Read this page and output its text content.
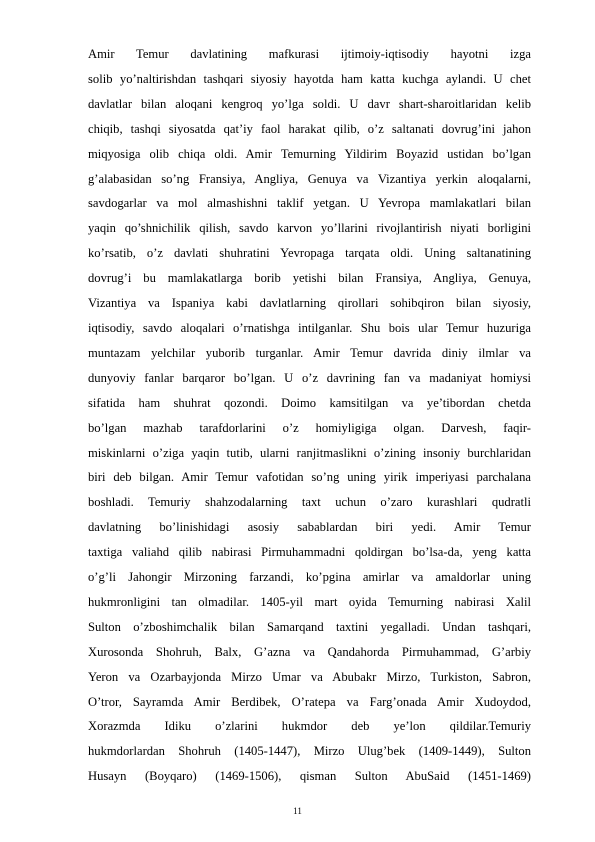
Amir Temur davlatining mafkurasi ijtimoiy-iqtisodiy hayotni izga

solib yo’naltirishdan tashqari siyosiy hayotda ham katta kuchga aylandi. U chet

davlatlar bilan aloqani kengroq yo’lga soldi. U davr shart-sharoitlaridan kelib

chiqib, tashqi siyosatda qat’iy faol harakat qilib, o’z saltanati dovrug’ini jahon

miqyosiga olib chiqa oldi. Amir Temurning Yildirim Boyazid ustidan bo’lgan

g’alabasidan so’ng Fransiya, Angliya, Genuya va Vizantiya yerkin aloqalarni,

savdogarlar va mol almashishni taklif yetgan. U Yevropa mamlakatlari bilan

yaqin qo’shnichilik qilish, savdo karvon yo’llarini rivojlantirish niyati borligini

ko’rsatib, o’z davlati shuhratini Yevropaga tarqata oldi. Uning saltanatining

dovrug’i bu mamlakatlarga borib yetishi bilan Fransiya, Angliya, Genuya,

Vizantiya va Ispaniya kabi davlatlarning qirollari sohibqiron bilan siyosiy,

iqtisodiy, savdo aloqalari o’rnatishga intilganlar. Shu bois ular Temur huzuriga

muntazam yelchilar yuborib turganlar. Amir Temur davrida diniy ilmlar va

dunyoviy fanlar barqaror bo’lgan. U o’z davrining fan va madaniyat homiysi

sifatida ham shuhrat qozondi. Doimo kamsitilgan va ye’tibordan chetda

bo’lgan mazhab tarafdorlarini o’z homiyligiga olgan. Darvesh, faqir-

miskinlarni o’ziga yaqin tutib, ularni ranjitmaslikni o’zining insoniy burchlaridan

biri deb bilgan. Amir Temur vafotidan so’ng uning yirik imperiyasi parchalana

boshladi. Temuriy shahzodalarning taxt uchun o’zaro kurashlari qudratli

davlatning bo’linishidagi asosiy sabablardan biri yedi. Amir Temur

taxtiga valiahd qilib nabirasi Pirmuhammadni qoldirgan bo’lsa-da, yeng katta

o’g’li Jahongir Mirzoning farzandi, ko’pgina amirlar va amaldorlar uning

hukmronligini tan olmadilar. 1405-yil mart oyida Temurning nabirasi Xalil

Sulton o’zboshimchalik bilan Samarqand taxtini yegalladi. Undan tashqari,

Xurosonda Shohruh, Balx, G’azna va Qandahorda Pirmuhammad, G’arbiy

Yeron va Ozarbayjonda Mirzo Umar va Abubakr Mirzo, Turkiston, Sabron,

O’tror, Sayramda Amir Berdibek, O’ratepa va Farg’onada Amir Xudoydod,

Xorazmda Idiku o’zlarini hukmdor deb ye’lon qildilar.Temuriy

hukmdorlardan Shohruh (1405-1447), Mirzo Ulug’bek (1409-1449), Sulton

Husayn (Boyqaro) (1469-1506), qisman Sulton AbuSaid (1451-1469)

11
